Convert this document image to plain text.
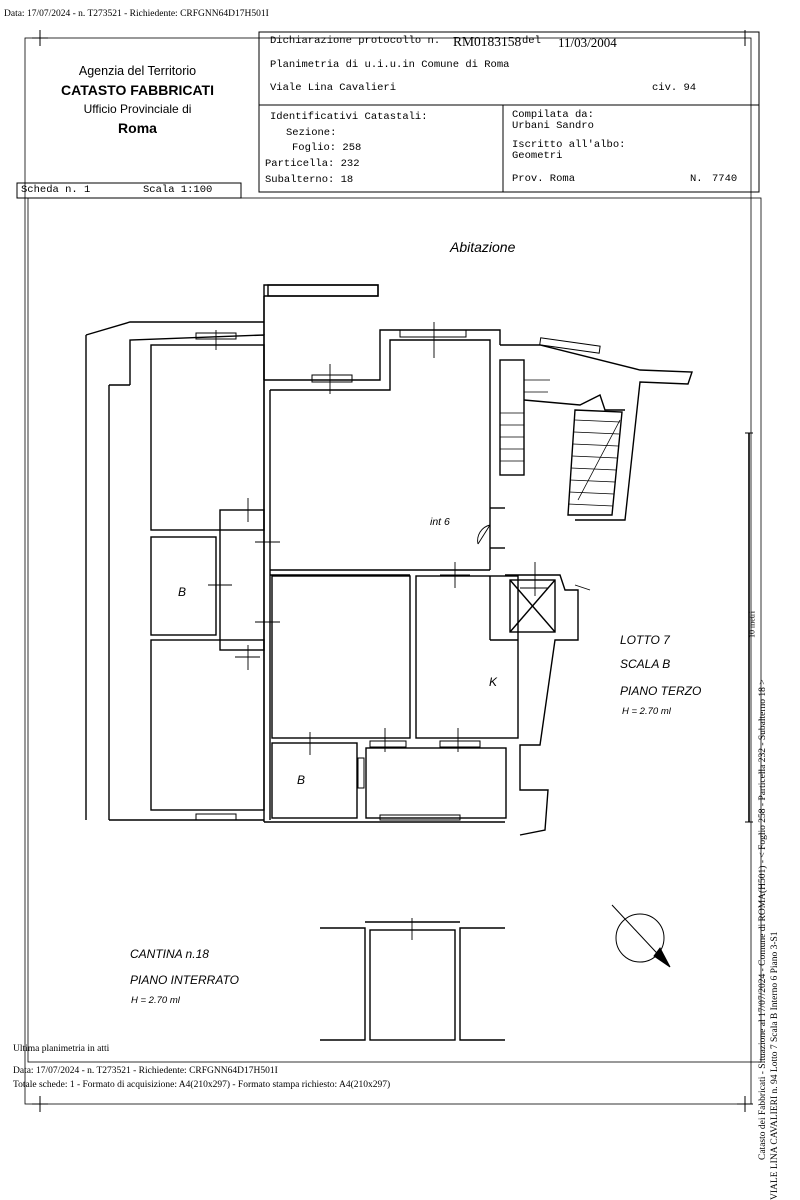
Data: 17/07/2024 - n. T273521 - Richiedente: CRFGNN64D17H501I
Agenzia del Territorio
CATASTO FABBRICATI
Ufficio Provinciale di
Roma
Dichiarazione protocollo n. RM0183158 del 11/03/2004
Planimetria di u.i.u.in Comune di Roma
Viale Lina Cavalieri	civ. 94
Identificativi Catastali:
Sezione:
Foglio: 258
Particella: 232
Subalterno: 18
Compilata da:
Urbani Sandro
Iscritto all'albo:
Geometri
Prov. Roma	N. 7740
Scheda n. 1	Scala 1:100
Abitazione
int 6
B
B
K
LOTTO 7
SCALA B
PIANO TERZO
H = 2.70 ml
CANTINA n.18
PIANO INTERRATO
H = 2.70 ml
10 metri
Catasto dei Fabbricati - Situazione al 17/07/2024 - Comune di ROMA(H501) - < Foglio 258 - Particella 232 - Subalterno 18 > VIALE LINA CAVALIERI n. 94 Lotto 7 Scala B Interno 6 Piano 3-S1
Ultima planimetria in atti
Data: 17/07/2024 - n. T273521 - Richiedente: CRFGNN64D17H501I
Totale schede: 1 - Formato di acquisizione: A4(210x297) - Formato stampa richiesto: A4(210x297)
